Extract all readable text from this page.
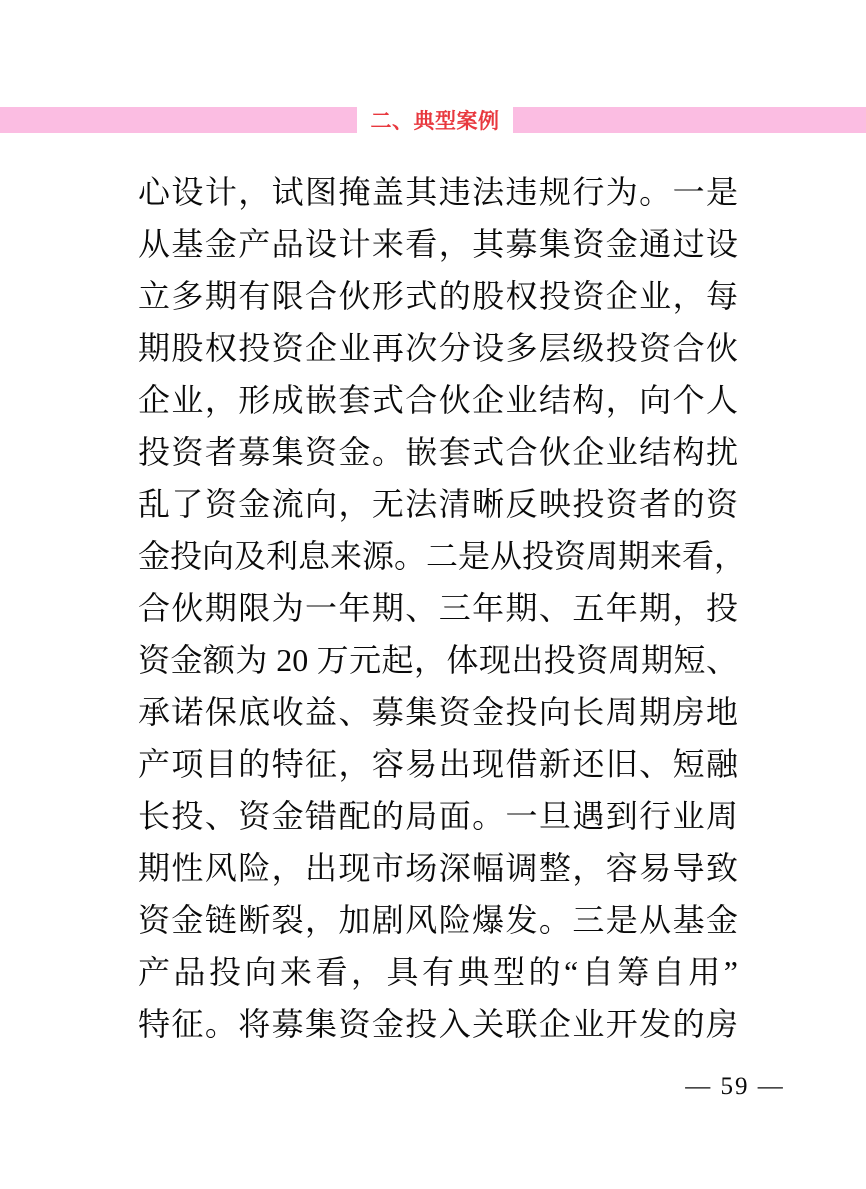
二、典型案例
心设计，试图掩盖其违法违规行为。一是
从基金产品设计来看，其募集资金通过设
立多期有限合伙形式的股权投资企业，每
期股权投资企业再次分设多层级投资合伙
企业，形成嵌套式合伙企业结构，向个人
投资者募集资金。嵌套式合伙企业结构扰
乱了资金流向，无法清晰反映投资者的资
金投向及利息来源。二是从投资周期来看，
合伙期限为一年期、三年期、五年期，投
资金额为 20 万元起，体现出投资周期短、
承诺保底收益、募集资金投向长周期房地
产项目的特征，容易出现借新还旧、短融
长投、资金错配的局面。一旦遇到行业周
期性风险，出现市场深幅调整，容易导致
资金链断裂，加剧风险爆发。三是从基金
产品投向来看，具有典型的“自筹自用”
特征。将募集资金投入关联企业开发的房
— 59 —
